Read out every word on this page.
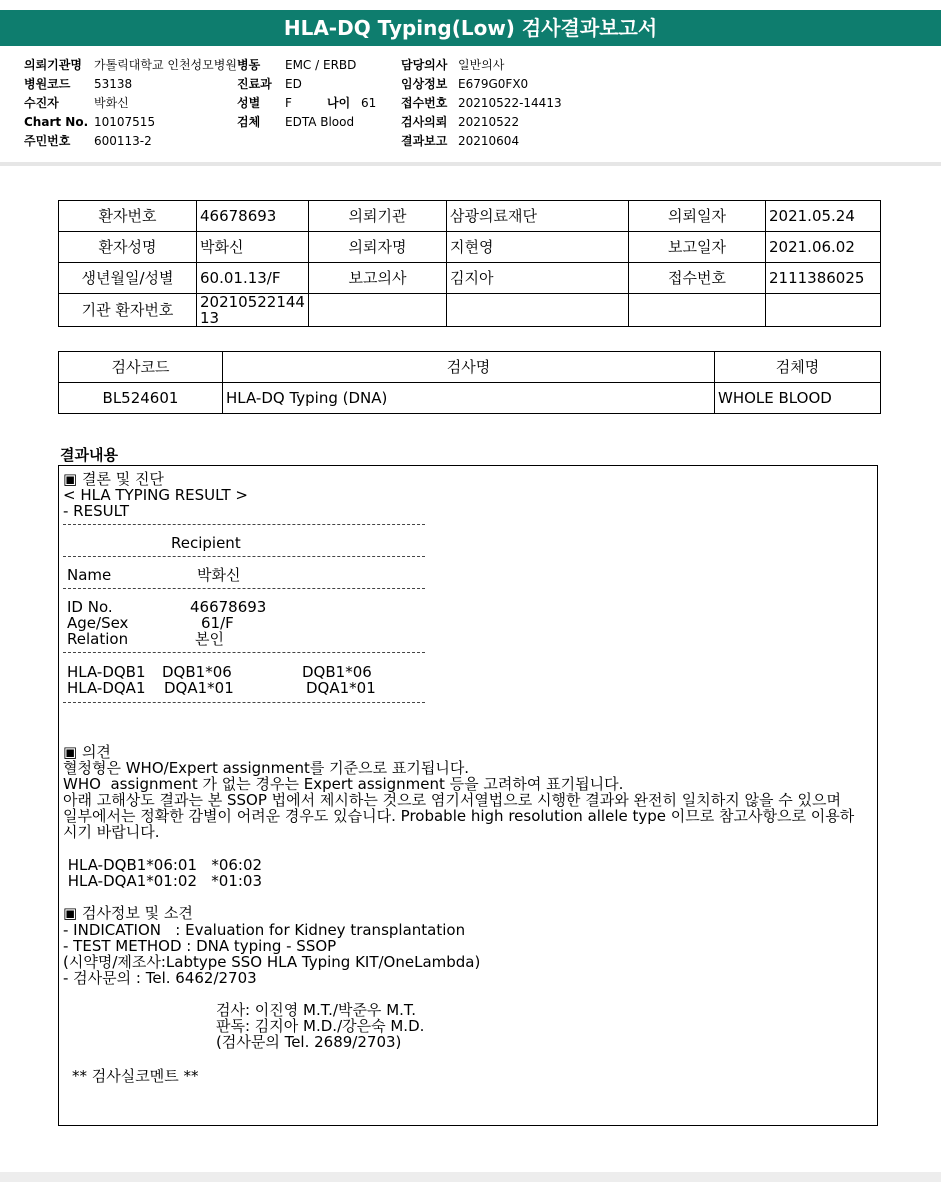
HLA-DQ Typing(Low) 검사결과보고서
의뢰기관명 가톨릭대학교 인천성모병원
병원코드 53138
수진자	박화신
Chart No. 10107515
주민번호 600113-2
병동 EMC / ERBD
진료과 ED
성별 F	나이 61
검체 EDTA Blood
담당의사 일반의사
임상정보 E679G0FX0
접수번호 20210522-14413
검사의뢰 20210522
결과보고 20210604
환자번호	46678693	의뢰기관	삼광의료재단	의뢰일자	2021.05.24
환자성명	박화신	의뢰자명	지현영	보고일자	2021.06.02
생년월일/성별	60.01.13/F	보고의사	김지아	접수번호	2111386025
기관 환자번호	20210522144
13				
검사코드	검사명	검체명
BL524601	HLA-DQ Typing (DNA)	WHOLE BLOOD
결과내용
▣ 결론 및 진단
< HLA TYPING RESULT >
- RESULT
Recipient
Name	박화신
ID No.	46678693
Age/Sex	61/F
Relation	본인
HLA-DQB1 DQB1*06	DQB1*06
HLA-DQA1 DQA1*01	DQA1*01
▣ 의견
혈청형은 WHO/Expert assignment를 기준으로 표기됩니다.
WHO  assignment 가 없는 경우는 Expert assignment 등을 고려하여 표기됩니다.
아래 고해상도 결과는 본 SSOP 법에서 제시하는 것으로 염기서열법으로 시행한 결과와 완전히 일치하지 않을 수 있으며
일부에서는 정확한 감별이 어려운 경우도 있습니다. Probable high resolution allele type 이므로 참고사항으로 이용하
시기 바랍니다.
HLA-DQB1*06:01   *06:02
HLA-DQA1*01:02   *01:03
▣ 검사정보 및 소견
- INDICATION   : Evaluation for Kidney transplantation
- TEST METHOD : DNA typing - SSOP
(시약명/제조사:Labtype SSO HLA Typing KIT/OneLambda)
- 검사문의 : Tel. 6462/2703
검사: 이진영 M.T./박준우 M.T.
판독: 김지아 M.D./강은숙 M.D.
(검사문의 Tel. 2689/2703)
** 검사실코멘트 **
